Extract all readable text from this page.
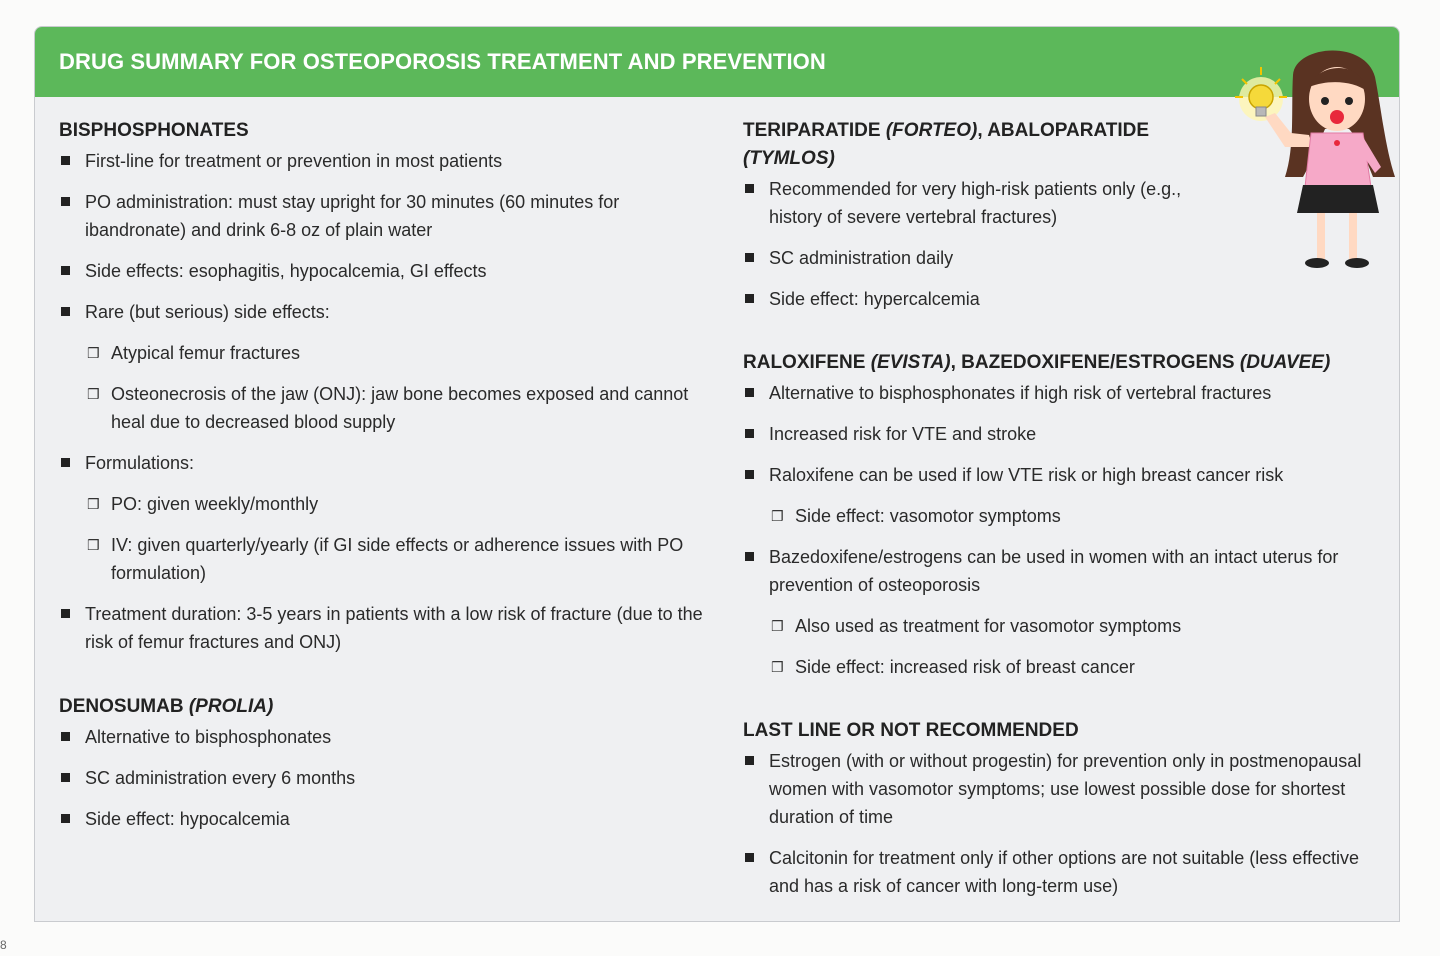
DRUG SUMMARY FOR OSTEOPOROSIS TREATMENT AND PREVENTION
BISPHOSPHONATES
First-line for treatment or prevention in most patients
PO administration: must stay upright for 30 minutes (60 minutes for ibandronate) and drink 6-8 oz of plain water
Side effects: esophagitis, hypocalcemia, GI effects
Rare (but serious) side effects:
❒ Atypical femur fractures
❒ Osteonecrosis of the jaw (ONJ): jaw bone becomes exposed and cannot heal due to decreased blood supply
Formulations:
❒ PO: given weekly/monthly
❒ IV: given quarterly/yearly (if GI side effects or adherence issues with PO formulation)
Treatment duration: 3-5 years in patients with a low risk of fracture (due to the risk of femur fractures and ONJ)
DENOSUMAB (PROLIA)
Alternative to bisphosphonates
SC administration every 6 months
Side effect: hypocalcemia
TERIPARATIDE (FORTEO), ABALOPARATIDE (TYMLOS)
Recommended for very high-risk patients only (e.g., history of severe vertebral fractures)
SC administration daily
Side effect: hypercalcemia
RALOXIFENE (EVISTA), BAZEDOXIFENE/ESTROGENS (DUAVEE)
Alternative to bisphosphonates if high risk of vertebral fractures
Increased risk for VTE and stroke
Raloxifene can be used if low VTE risk or high breast cancer risk
❒ Side effect: vasomotor symptoms
Bazedoxifene/estrogens can be used in women with an intact uterus for prevention of osteoporosis
❒ Also used as treatment for vasomotor symptoms
❒ Side effect: increased risk of breast cancer
LAST LINE OR NOT RECOMMENDED
Estrogen (with or without progestin) for prevention only in postmenopausal women with vasomotor symptoms; use lowest possible dose for shortest duration of time
Calcitonin for treatment only if other options are not suitable (less effective and has a risk of cancer with long-term use)
8
